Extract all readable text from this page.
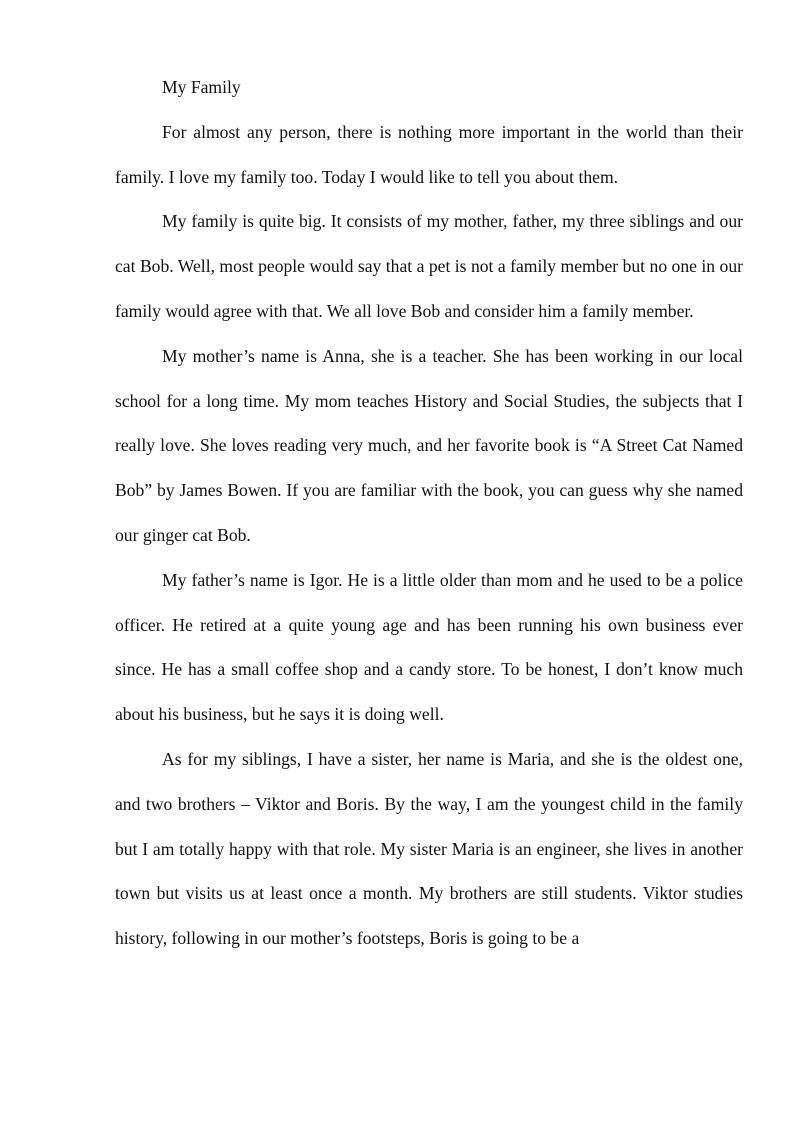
My Family

For almost any person, there is nothing more important in the world than their family. I love my family too. Today I would like to tell you about them.

My family is quite big. It consists of my mother, father, my three siblings and our cat Bob. Well, most people would say that a pet is not a family member but no one in our family would agree with that. We all love Bob and consider him a family member.

My mother’s name is Anna, she is a teacher. She has been working in our local school for a long time. My mom teaches History and Social Studies, the subjects that I really love. She loves reading very much, and her favorite book is “A Street Cat Named Bob” by James Bowen. If you are familiar with the book, you can guess why she named our ginger cat Bob.

My father’s name is Igor. He is a little older than mom and he used to be a police officer. He retired at a quite young age and has been running his own business ever since. He has a small coffee shop and a candy store. To be honest, I don’t know much about his business, but he says it is doing well.

As for my siblings, I have a sister, her name is Maria, and she is the oldest one, and two brothers – Viktor and Boris. By the way, I am the youngest child in the family but I am totally happy with that role. My sister Maria is an engineer, she lives in another town but visits us at least once a month. My brothers are still students. Viktor studies history, following in our mother’s footsteps, Boris is going to be a
